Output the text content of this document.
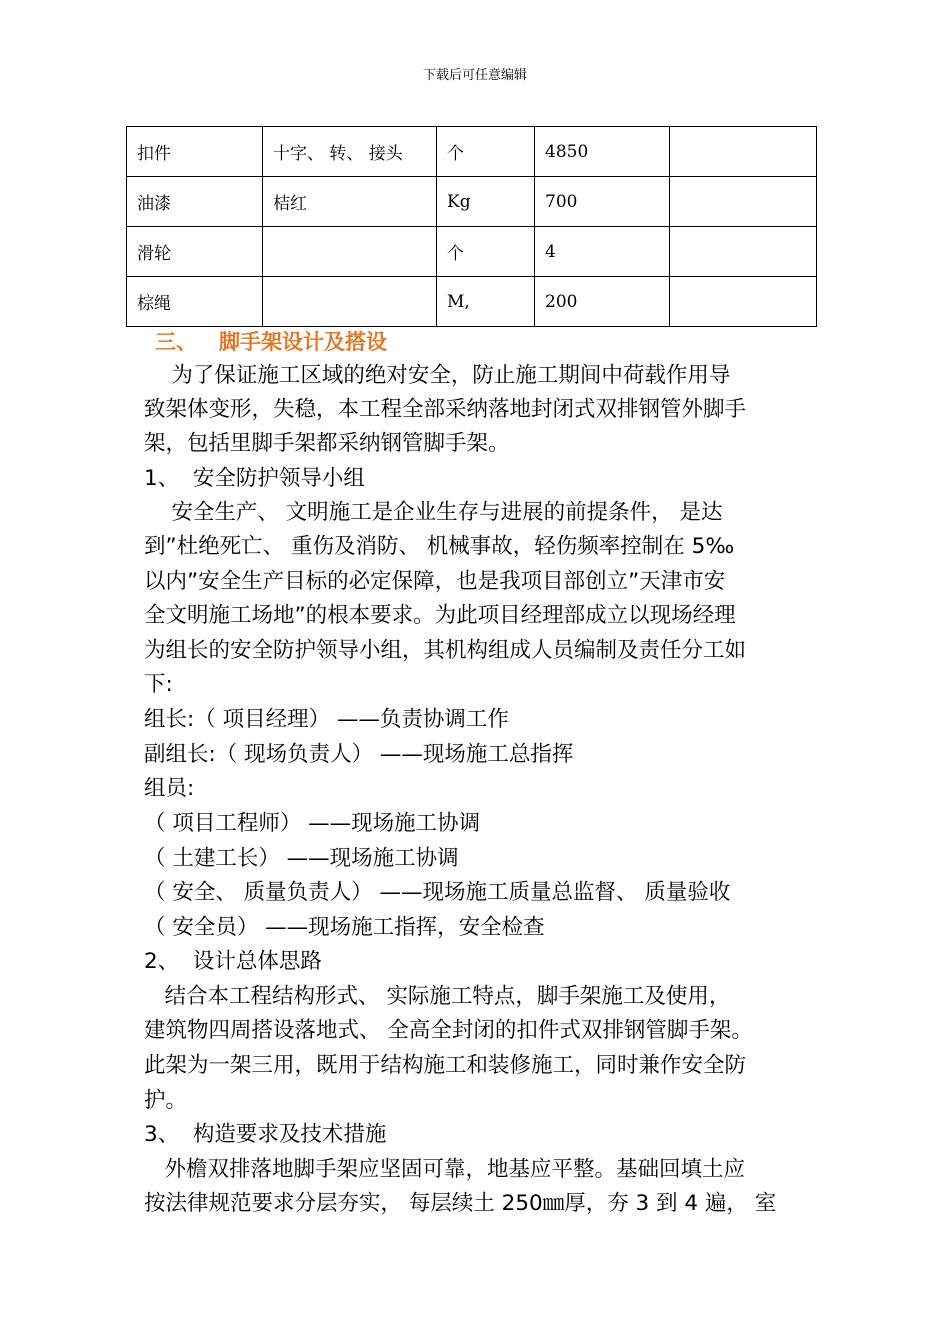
下载后可任意编辑
扣件	十字、 转、 接头	个	4850	
油漆	桔红	Kg	700	
滑轮		个	4	
棕绳		M,	200	
三、 脚手架设计及搭设
为了保证施工区域的绝对安全，防止施工期间中荷载作用导
致架体变形，失稳，本工程全部采纳落地封闭式双排钢管外脚手
架，包括里脚手架都采纳钢管脚手架。
1、  安全防护领导小组
安全生产、 文明施工是企业生存与进展的前提条件， 是达
到”杜绝死亡、 重伤及消防、 机械事故，轻伤频率控制在 5‰
以内”安全生产目标的必定保障，也是我项目部创立”天津市安
全文明施工场地”的根本要求。为此项目经理部成立以现场经理
为组长的安全防护领导小组，其机构组成人员编制及责任分工如
下:
组长:（ 项目经理） ——负责协调工作
副组长:（ 现场负责人） ——现场施工总指挥
组员:
（ 项目工程师） ——现场施工协调
（ 土建工长） ——现场施工协调
（ 安全、 质量负责人） ——现场施工质量总监督、 质量验收
（ 安全员） ——现场施工指挥，安全检查
2、  设计总体思路
结合本工程结构形式、 实际施工特点，脚手架施工及使用，
建筑物四周搭设落地式、 全高全封闭的扣件式双排钢管脚手架。
此架为一架三用，既用于结构施工和装修施工，同时兼作安全防
护。
3、  构造要求及技术措施
外檐双排落地脚手架应坚固可靠，地基应平整。基础回填土应
按法律规范要求分层夯实， 每层续土 250㎜厚，夯 3 到 4 遍， 室
